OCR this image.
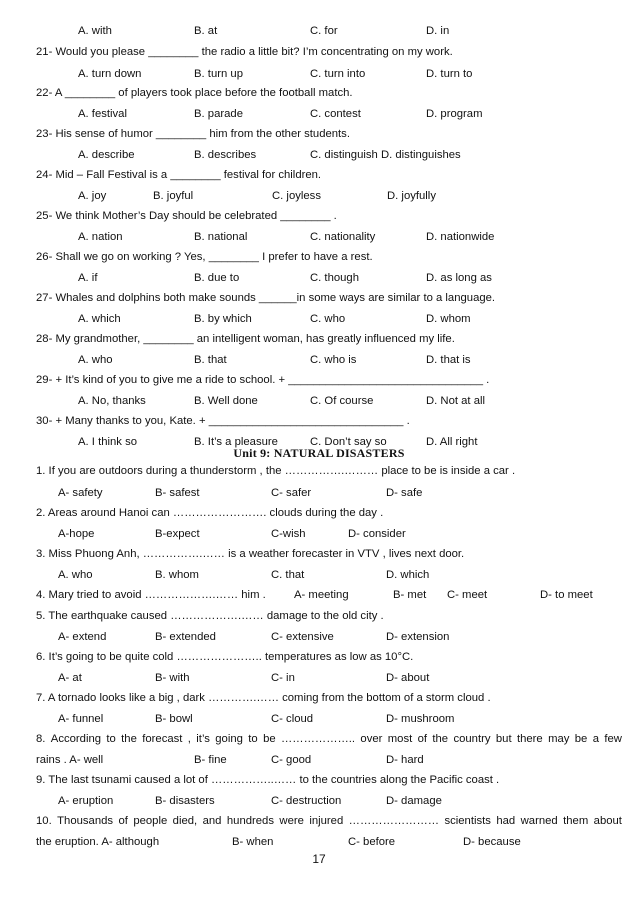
A. with	B. at	C. for	D. in
21- Would you please ________ the radio a little bit? I’m concentrating on my work.
A. turn down	B. turn up	C. turn into	D. turn to
22- A ________ of players took place before the football match.
A. festival	B. parade	C. contest	D. program
23- His sense of humor ________ him from the other students.
A. describe	B. describes	C. distinguish D. distinguishes
24- Mid – Fall Festival is a ________ festival for children.
A. joy	B. joyful	C. joyless	D. joyfully
25- We think Mother’s Day should be celebrated ________ .
A. nation	B. national	C. nationality	D. nationwide
26- Shall we go on working ? Yes, ________ I prefer to have a rest.
A. if	B. due to	C. though	D. as long as
27- Whales and dolphins both make sounds ______in some ways are similar to a language.
A. which	B. by which	C. who	D. whom
28- My grandmother, ________ an intelligent woman, has greatly influenced my life.
A. who	B. that	C. who is	D. that is
29- + It’s kind of you to give me a ride to school. + _______________________________ .
A. No, thanks	B. Well done	C. Of course	D. Not at all
30- + Many thanks to you, Kate. + _______________________________ .
A. I think so	B. It’s a pleasure	C. Don’t say so	D. All right
Unit 9: NATURAL DISASTERS
1. If you are outdoors during a thunderstorm , the …………….……… place to be is inside a car .
A- safety	B- safest	C- safer	D- safe
2. Areas around Hanoi can ……………………. clouds during the day .
A-hope	B-expect	C-wish	D- consider
3. Miss Phuong Anh, …………….…… is a weather forecaster in VTV , lives next door.
A. who	B. whom	C. that	D. which
4. Mary tried to avoid ……………….…… him . A- meeting	B- met C- meet	D- to meet
5. The earthquake caused ……………….…… damage to the old city .
A- extend	B- extended	C- extensive	D- extension
6. It’s going to be quite cold ………………….. temperatures as low as 10°C.
A- at	B- with	C- in	D- about
7. A tornado looks like a big , dark ………….…… coming from the bottom of a storm cloud .
A- funnel	B- bowl	C- cloud	D- mushroom
8. According to the forecast , it’s going to be ……………….. over most of the country but there may be a few
rains . A- well	B- fine	C- good	D- hard
9. The last tsunami caused a lot of ……………..…… to the countries along the Pacific coast .
A- eruption	B- disasters	C- destruction	D- damage
10. Thousands of people died, and hundreds were injured …………………… scientists had warned them about
the eruption. A- although	B- when	C- before	D- because
17
